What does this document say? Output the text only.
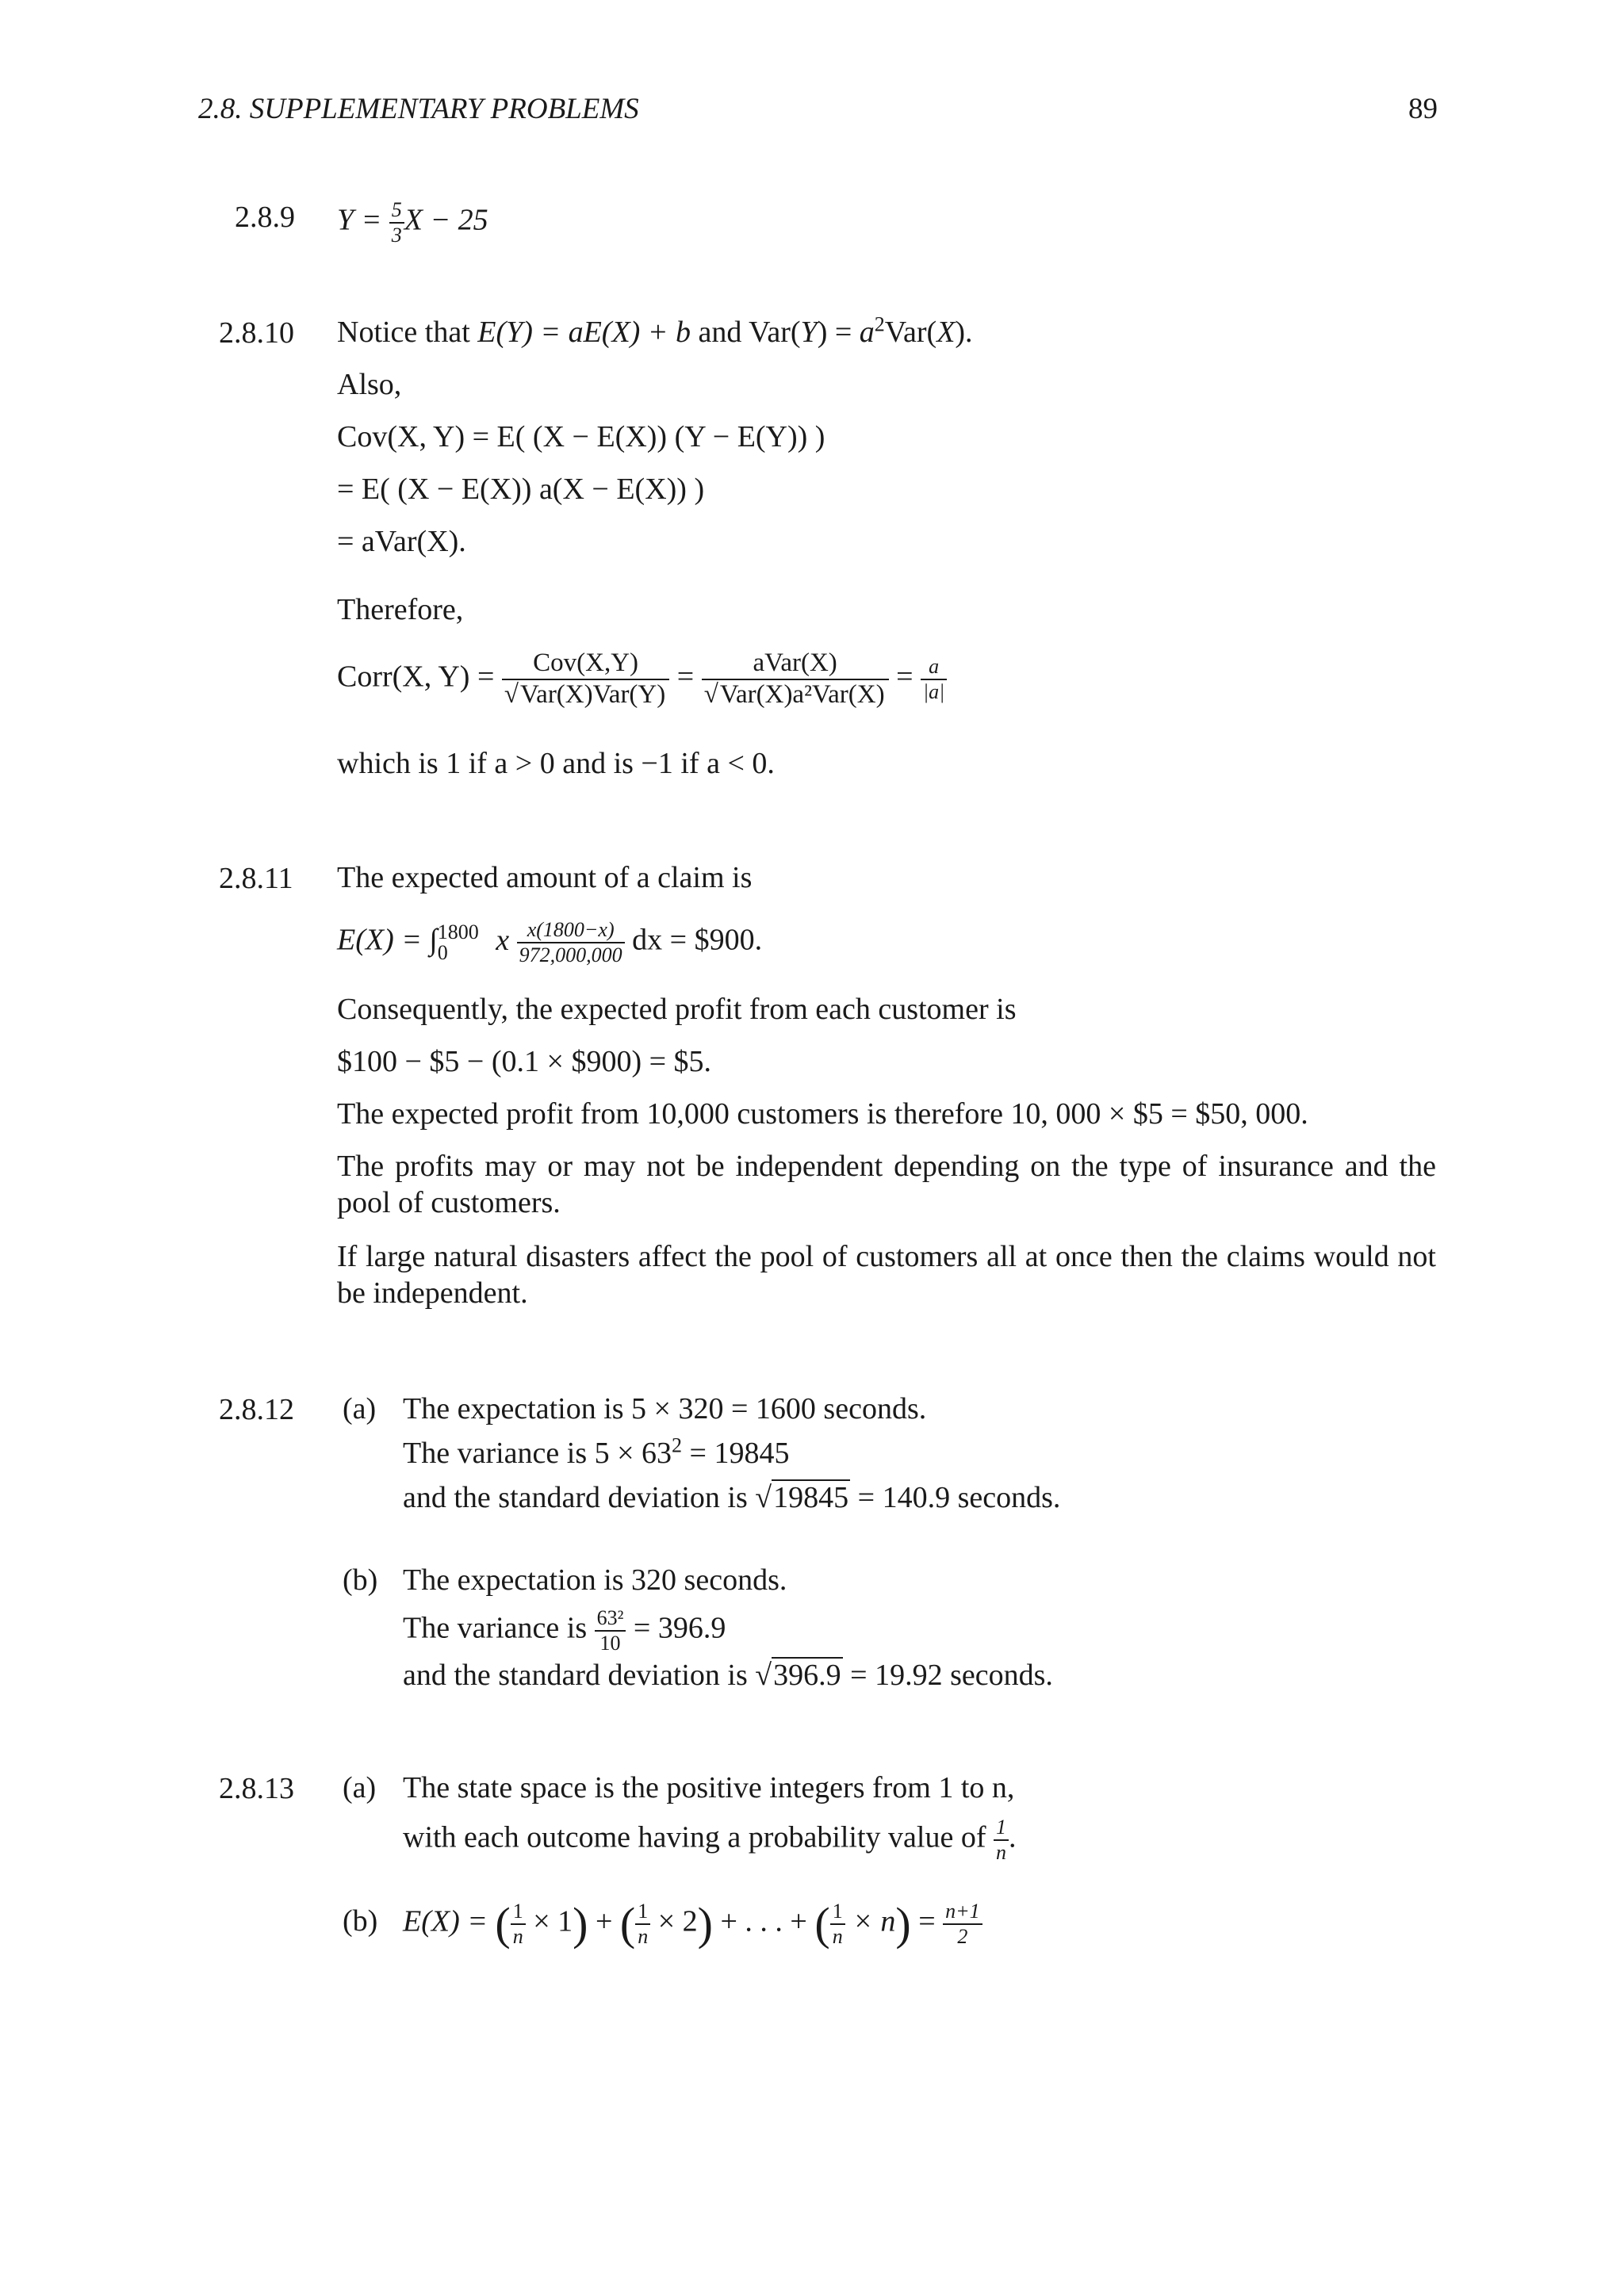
2.8. SUPPLEMENTARY PROBLEMS	89
2.8.9 $Y = \frac{5}{3}$ X − 25
2.8.10 Notice that E(Y) = aE(X) + b and $Var(Y) = a^2Var(X)$.
Also,
Cov(X, Y) = E( (X − E(X)) (Y − E(Y)) )
= E( (X − E(X)) a(X − E(X)) )
= aVar(X).
Therefore,
Corr(X, $Y) = \frac{\text{Cov(X,Y)}}{\text{√Var(X)Var(Y)}} = \frac{\text{aVar(X)}}{\text{√Var(X)a²Var(X)}} = \frac{a}{|a|}$
which is 1 if a > 0 and is −1 if a < 0.
2.8.11 The expected amount of a claim is
E(X) = ∫ 1800
0	x $\frac{x(1800-x)}{972,000,000}$ dx = $900.
Consequently, the expected profit from each customer is
$100 − $5 − (0.1 × $900) = $5.
The expected profit from 10,000 customers is therefore 10, 000 × $5 = $50, 000.
The profits may or may not be independent depending on the type of insurance and the pool of customers.
If large natural disasters affect the pool of customers all at once then the claims would not be independent.
2.8.12 (a) The expectation is 5 × 320 = 1600 seconds.
The variance is $5 \times 63^2 = 19845$
and the standard deviation is √19845 = 140.9 seconds.
(b) The expectation is 320 seconds.
The variance is $\frac{\text{63²}}{10} = 396.9$
and the standard deviation is √396.9 = 19.92 seconds.
2.8.13 (a) The state space is the positive integers from 1 to n,
with each outcome having a probability value of $\frac{1}{n}$ .
(b) E(X) = ( $\frac{1}{n} \times 1$) + ( $\frac{1}{n} \times 2$) + . . . + ( $\frac{1}{n} \times n) = \frac{n+1}{2}$
